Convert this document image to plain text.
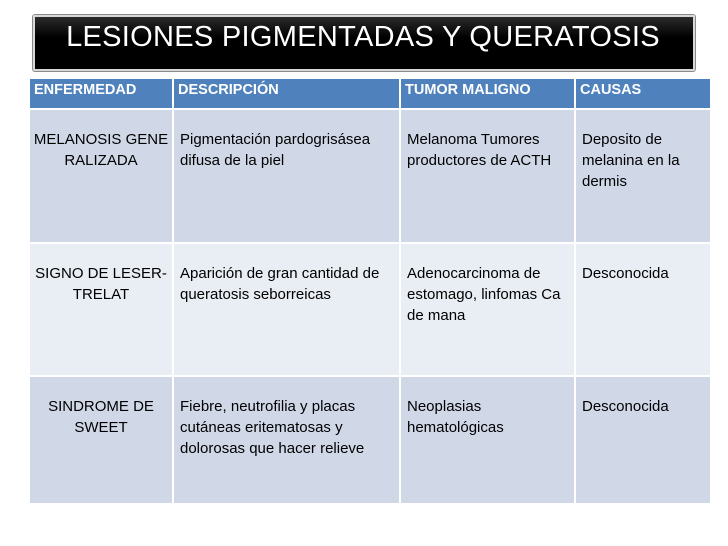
LESIONES PIGMENTADAS Y QUERATOSIS
ENFERMEDAD	DESCRIPCIÓN	TUMOR MALIGNO	CAUSAS
MELANOSIS GENERALIZADA	Pigmentación pardogrisásea difusa de la piel	Melanoma Tumores productores de ACTH	Deposito de melanina en la dermis
SIGNO DE LESER-TRELAT	Aparición de gran cantidad de queratosis seborreicas	Adenocarcinoma de estomago, linfomas Ca de mana	Desconocida
SINDROME DE SWEET	Fiebre, neutrofilia y placas cutáneas eritematosas y dolorosas que hacer relieve	Neoplasias hematológicas	Desconocida
